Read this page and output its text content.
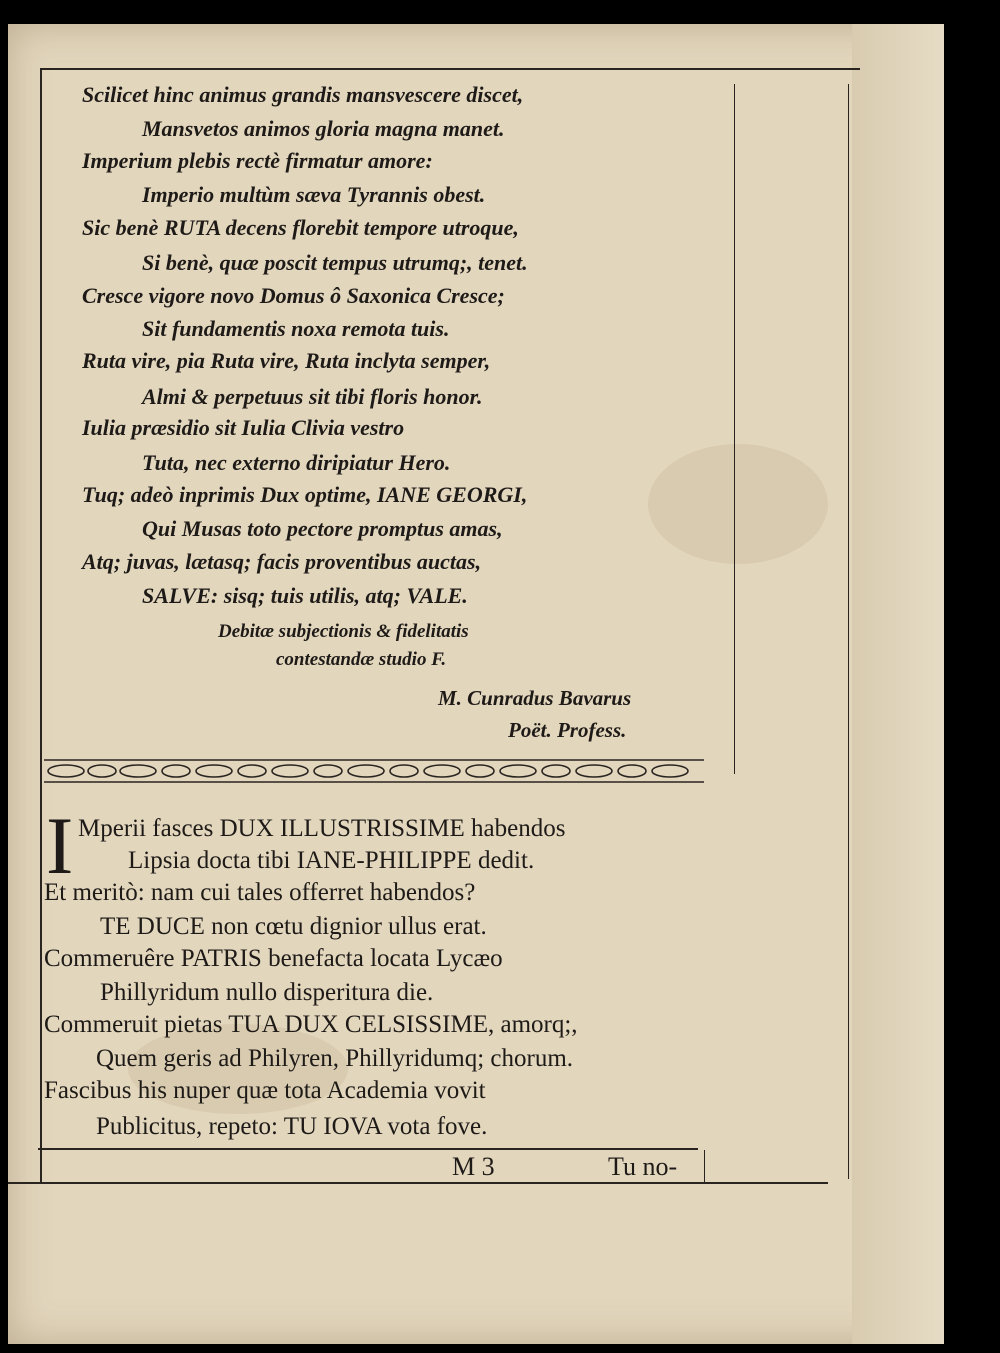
Scilicet hinc animus grandis mansvescere discet,
Mansvetos animos gloria magna manet.
Imperium plebis rectè firmatur amore:
Imperio multùm sæva Tyrannis obest.
Sic benè RUTA decens florebit tempore utroque,
Si benè, quæ poscit tempus utrumq;, tenet.
Cresce vigore novo Domus ô Saxonica Cresce;
Sit fundamentis noxa remota tuis.
Ruta vire, pia Ruta vire, Ruta inclyta semper,
Almi & perpetuus sit tibi floris honor.
Iulia præsidio sit Iulia Clivia vestro
Tuta, nec externo diripiatur Hero.
Tuq; adeò inprimis Dux optime, IANE GEORGI,
Qui Musas toto pectore promptus amas,
Atq; juvas, lætasq; facis proventibus auctas,
SALVE: sisq; tuis utilis, atq; VALE.
Debitæ subjectionis & fidelitatis
contestandæ studio F.
M. Cunradus Bavarus
Poët. Profess.
I Mperii fasces DUX ILLUSTRISSIME habendos
Lipsia docta tibi IANE-PHILIPPE dedit.
Et meritò: nam cui tales offerret habendos?
TE DUCE non cœtu dignior ullus erat.
Commeruêre PATRIS benefacta locata Lycæo
Phillyridum nullo disperitura die.
Commeruit pietas TUA DUX CELSISSIME, amorq;,
Quem geris ad Philyren, Phillyridumq; chorum.
Fascibus his nuper quæ tota Academia vovit
Publicitus, repeto: TU IOVA vota fove.
M 3	Tu no-
